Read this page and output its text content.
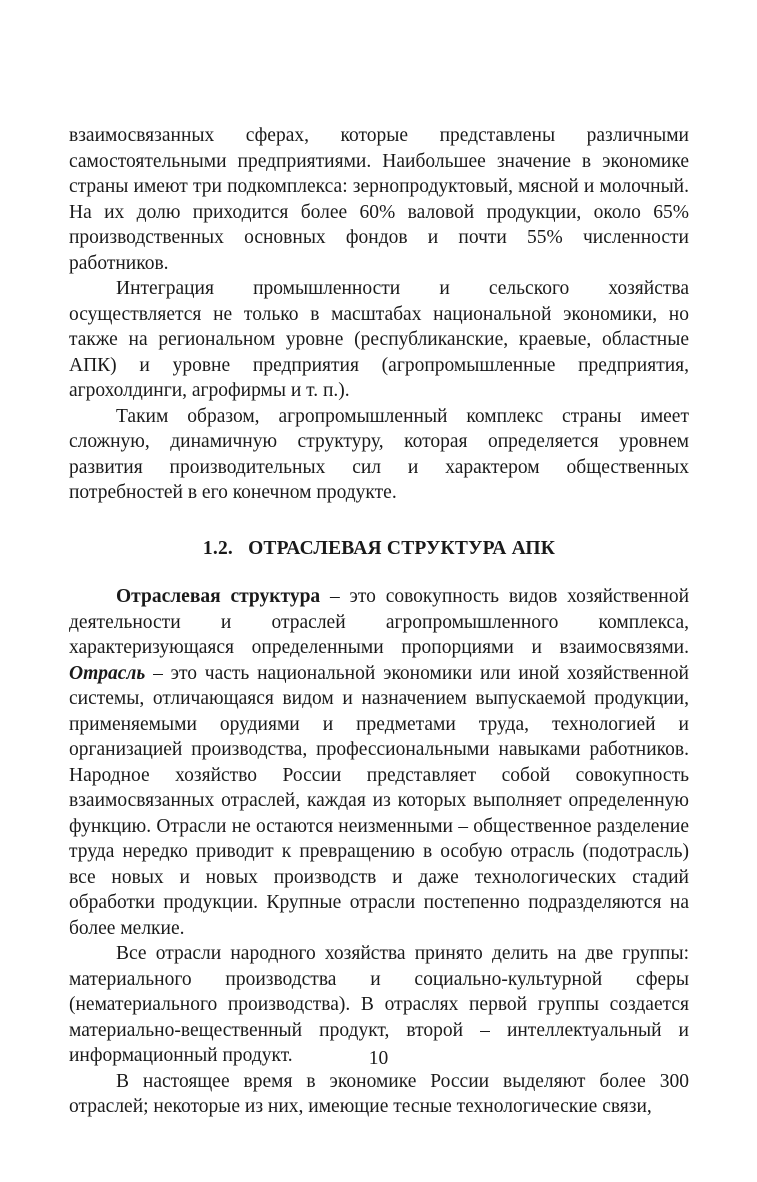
взаимосвязанных сферах, которые представлены различными самостоятельными предприятиями. Наибольшее значение в экономике страны имеют три подкомплекса: зернопродуктовый, мясной и молочный. На их долю приходится более 60% валовой продукции, около 65% производственных основных фондов и почти 55% численности работников.

Интеграция промышленности и сельского хозяйства осуществляется не только в масштабах национальной экономики, но также на региональном уровне (республиканские, краевые, областные АПК) и уровне предприятия (агропромышленные предприятия, агрохолдинги, агрофирмы и т. п.).

Таким образом, агропромышленный комплекс страны имеет сложную, динамичную структуру, которая определяется уровнем развития производительных сил и характером общественных потребностей в его конечном продукте.

1.2. ОТРАСЛЕВАЯ СТРУКТУРА АПК

Отраслевая структура – это совокупность видов хозяйственной деятельности и отраслей агропромышленного комплекса, характеризующаяся определенными пропорциями и взаимосвязями. Отрасль – это часть национальной экономики или иной хозяйственной системы, отличающаяся видом и назначением выпускаемой продукции, применяемыми орудиями и предметами труда, технологией и организацией производства, профессиональными навыками работников. Народное хозяйство России представляет собой совокупность взаимосвязанных отраслей, каждая из которых выполняет определенную функцию. Отрасли не остаются неизменными – общественное разделение труда нередко приводит к превращению в особую отрасль (подотрасль) все новых и новых производств и даже технологических стадий обработки продукции. Крупные отрасли постепенно подразделяются на более мелкие.

Все отрасли народного хозяйства принято делить на две группы: материального производства и социально-культурной сферы (нематериального производства). В отраслях первой группы создается материально-вещественный продукт, второй – интеллектуальный и информационный продукт.

В настоящее время в экономике России выделяют более 300 отраслей; некоторые из них, имеющие тесные технологические связи,

10
